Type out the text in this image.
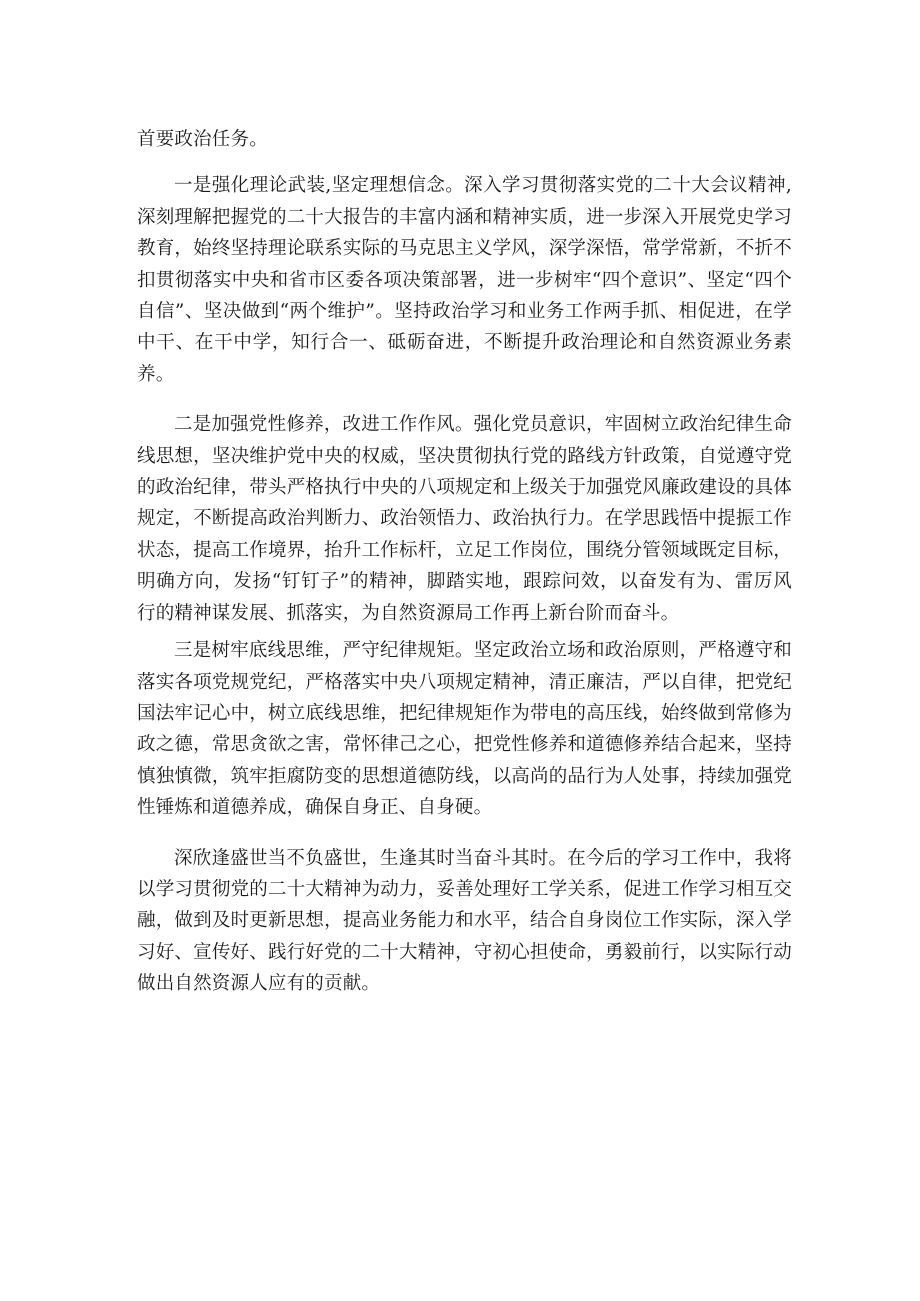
首要政治任务。

一是强化理论武装,坚定理想信念。深入学习贯彻落实党的二十大会议精神,深刻理解把握党的二十大报告的丰富内涵和精神实质，进一步深入开展党史学习教育，始终坚持理论联系实际的马克思主义学风，深学深悟，常学常新，不折不扣贯彻落实中央和省市区委各项决策部署，进一步树牢“四个意识”、坚定“四个自信”、坚决做到“两个维护”。坚持政治学习和业务工作两手抓、相促进，在学中干、在干中学，知行合一、砥砺奋进，不断提升政治理论和自然资源业务素养。

二是加强党性修养，改进工作作风。强化党员意识，牢固树立政治纪律生命线思想，坚决维护党中央的权威，坚决贯彻执行党的路线方针政策，自觉遵守党的政治纪律，带头严格执行中央的八项规定和上级关于加强党风廉政建设的具体规定，不断提高政治判断力、政治领悟力、政治执行力。在学思践悟中提振工作状态，提高工作境界，抬升工作标杆，立足工作岗位，围绕分管领域既定目标，明确方向，发扬“钉钉子”的精神，脚踏实地，跟踪问效，以奋发有为、雷厉风行的精神谋发展、抓落实，为自然资源局工作再上新台阶而奋斗。

三是树牢底线思维，严守纪律规矩。坚定政治立场和政治原则，严格遵守和落实各项党规党纪，严格落实中央八项规定精神，清正廉洁，严以自律，把党纪国法牢记心中，树立底线思维，把纪律规矩作为带电的高压线，始终做到常修为政之德，常思贪欲之害，常怀律己之心，把党性修养和道德修养结合起来，坚持慎独慎微，筑牢拒腐防变的思想道德防线，以高尚的品行为人处事，持续加强党性锤炼和道德养成，确保自身正、自身硬。

深欣逢盛世当不负盛世，生逢其时当奋斗其时。在今后的学习工作中，我将以学习贯彻党的二十大精神为动力，妥善处理好工学关系，促进工作学习相互交融，做到及时更新思想，提高业务能力和水平，结合自身岗位工作实际，深入学习好、宣传好、践行好党的二十大精神，守初心担使命，勇毅前行，以实际行动做出自然资源人应有的贡献。
